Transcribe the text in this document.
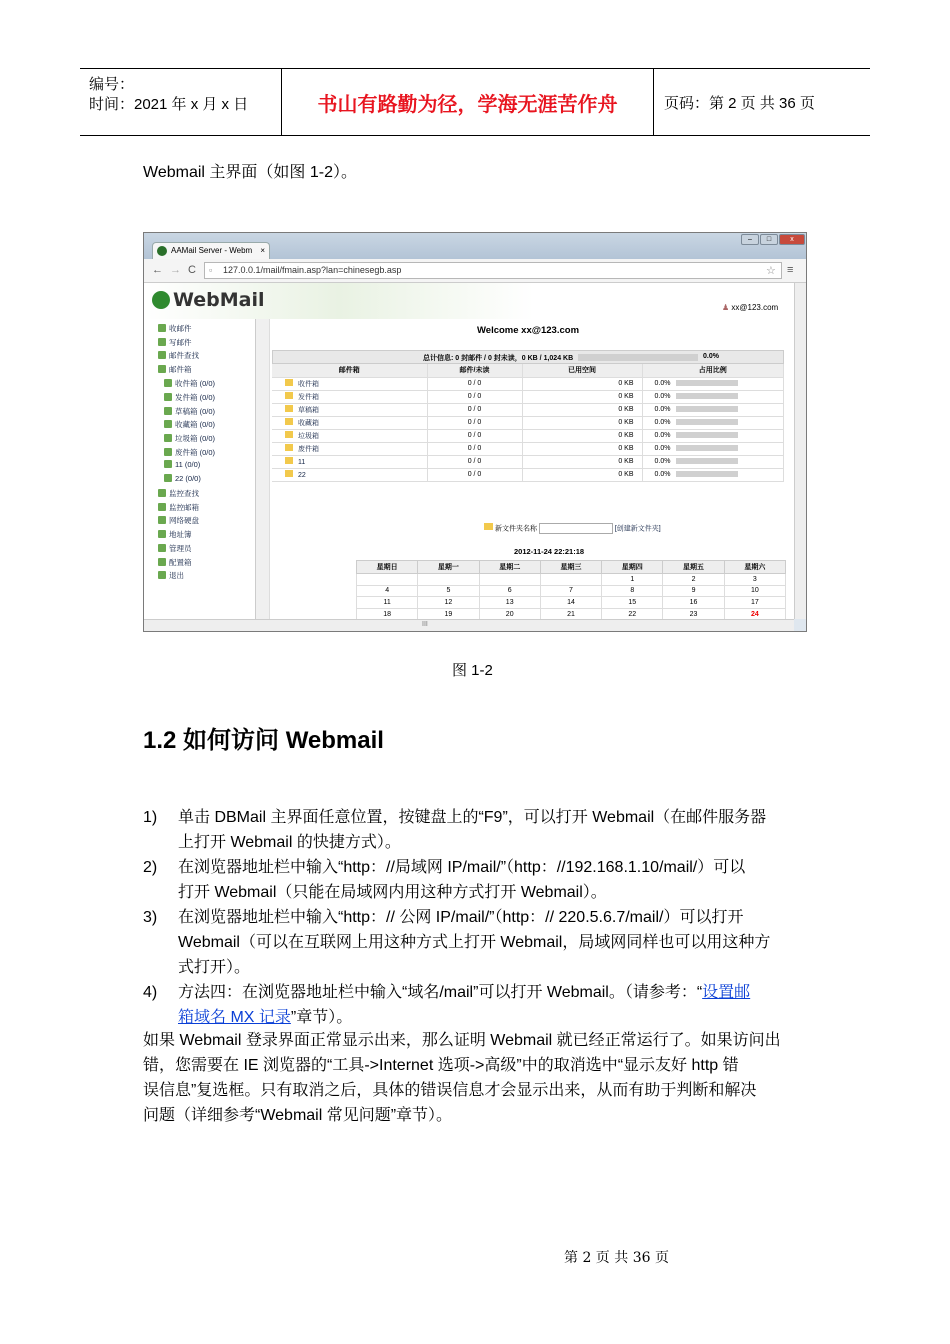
编号：
时间：2021 年 x 月 x 日	书山有路勤为径，学海无涯苦作舟	页码：第 2 页 共 36 页
Webmail 主界面（如图 1-2）。
AAMail Server - Webm ×
–	□	x
← → C ▫ 127.0.0.1/mail/fmain.asp?lan=chinesegb.asp	☆ ≡
WebMail	♟ xx@123.com
收邮件
写邮件
邮件查找
邮件箱
收件箱 (0/0)
发件箱 (0/0)
草稿箱 (0/0)
收藏箱 (0/0)
垃圾箱 (0/0)
废件箱 (0/0)
11 (0/0)
22 (0/0)
监控查找
监控邮箱
网络硬盘
地址簿
管理员
配置箱
退出
Welcome xx@123.com
总计信息: 0 封邮件 / 0 封未读，0 KB / 1,024 KB	0.0%
邮件箱	邮件/未读	已用空间	占用比例
收件箱	0 / 0	0 KB	0.0%
发件箱	0 / 0	0 KB	0.0%
草稿箱	0 / 0	0 KB	0.0%
收藏箱	0 / 0	0 KB	0.0%
垃圾箱	0 / 0	0 KB	0.0%
废件箱	0 / 0	0 KB	0.0%
11	0 / 0	0 KB	0.0%
22	0 / 0	0 KB	0.0%
新文件夹名称	[创建新文件夹]
2012-11-24 22:21:18
星期日	星期一	星期二	星期三	星期四	星期五	星期六
				1	2	3
4	5	6	7	8	9	10
11	12	13	14	15	16	17
18	19	20	21	22	23	24

III
图 1-2
1.2 如何访问 Webmail
1) 单击 DBMail 主界面任意位置，按键盘上的“F9”，可以打开 Webmail（在邮件服务器
上打开 Webmail 的快捷方式）。
2) 在浏览器地址栏中输入“http：//局域网 IP/mail/”（http：//192.168.1.10/mail/）可以
打开 Webmail（只能在局域网内用这种方式打开 Webmail）。
3) 在浏览器地址栏中输入“http：// 公网 IP/mail/”（http：// 220.5.6.7/mail/）可以打开
Webmail（可以在互联网上用这种方式上打开 Webmail，局域网同样也可以用这种方
式打开）。
4) 方法四：在浏览器地址栏中输入“域名/mail”可以打开 Webmail。（请参考：“设置邮
箱域名 MX 记录”章节）。
如果 Webmail 登录界面正常显示出来，那么证明 Webmail 就已经正常运行了。如果访问出
错，您需要在 IE 浏览器的“工具->Internet 选项->高级”中的取消选中“显示友好 http 错
误信息”复选框。只有取消之后，具体的错误信息才会显示出来，从而有助于判断和解决
问题（详细参考“Webmail 常见问题”章节）。
第 2 页 共 36 页
